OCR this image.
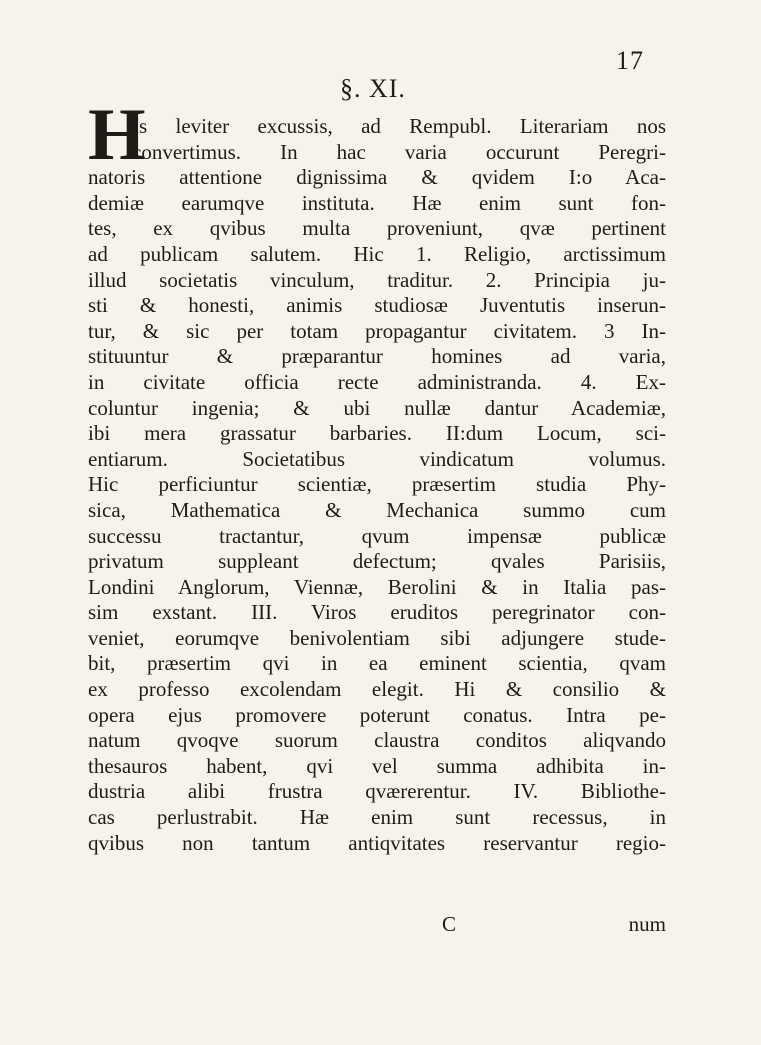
17
§. XI.
H
Is leviter excussis, ad Rempubl. Literariam nos
convertimus. In hac varia occurunt Peregri-
natoris attentione dignissima & qvidem I:o Aca-
demiæ earumqve instituta. Hæ enim sunt fon-
tes, ex qvibus multa proveniunt, qvæ pertinent
ad publicam salutem. Hic 1. Religio, arctissimum
illud societatis vinculum, traditur. 2. Principia ju-
sti & honesti, animis studiosæ Juventutis inserun-
tur, & sic per totam propagantur civitatem. 3 In-
stituuntur & præparantur homines ad varia,
in civitate officia recte administranda. 4. Ex-
coluntur ingenia; & ubi nullæ dantur Academiæ,
ibi mera grassatur barbaries. II:dum Locum, sci-
entiarum. Societatibus vindicatum volumus.
Hic perficiuntur scientiæ, præsertim studia Phy-
sica, Mathematica & Mechanica summo cum
successu tractantur, qvum impensæ publicæ
privatum suppleant defectum; qvales Parisiis,
Londini Anglorum, Viennæ, Berolini & in Italia pas-
sim exstant. III. Viros eruditos peregrinator con-
veniet, eorumqve benivolentiam sibi adjungere stude-
bit, præsertim qvi in ea eminent scientia, qvam
ex professo excolendam elegit. Hi & consilio &
opera ejus promovere poterunt conatus. Intra pe-
natum qvoqve suorum claustra conditos aliqvando
thesauros habent, qvi vel summa adhibita in-
dustria alibi frustra qværerentur. IV. Bibliothe-
cas perlustrabit. Hæ enim sunt recessus, in
qvibus non tantum antiqvitates reservantur regio-
C	num
